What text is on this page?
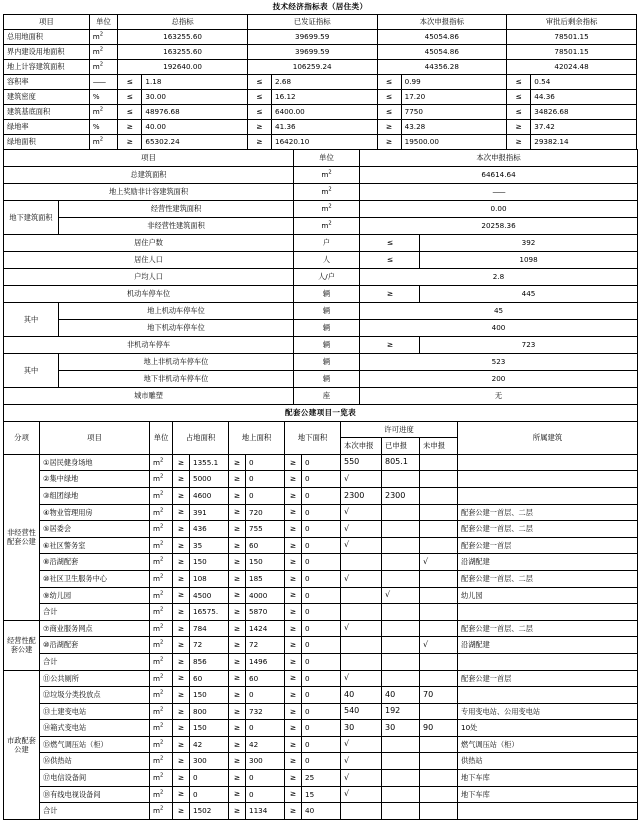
技术经济指标表（居住类）									
项目	单位	总指标		已发证指标		本次申报指标		审批后剩余指标	
总用地面积	$m^2$	163255.60		39699.59		45054.86		78501.15	
界内建设用地面积	$m^2$	163255.60		39699.59		45054.86		78501.15	
地上计容建筑面积	$m^2$	192640.00		106259.24		44356.28		42024.48	
容积率	——	≤	1.18	≤	2.68	≤	0.99	≤	0.54
建筑密度	%	≤	30.00	≤	16.12	≤	17.20	≤	44.36
建筑基底面积	$m^2$	≤	48976.68	≤	6400.00	≤	7750	≤	34826.68
绿地率	%	≥	40.00	≥	41.36	≥	43.28	≥	37.42
绿地面积	$m^2$	≥	65302.24	≥	16420.10	≥	19500.00	≥	29382.14
项目		单位	本次申报指标	
总建筑面积		$m^2$	64614.64	
地上奖励非计容建筑面积		$m^2$	——	
地下建筑面积	经营性建筑面积	$m^2$	0.00	
	非经营性建筑面积	$m^2$	20258.36	
居住户数		户	≤	392
居住人口		人	≤	1098
户均人口		人/户	2.8	
机动车停车位		辆	≥	445
其中	地上机动车停车位	辆	45	
	地下机动车停车位	辆	400	
非机动车停车		辆	≥	723
其中	地上非机动车停车位	辆	523	
	地下非机动车停车位	辆	200	
城市雕塑		座	无	
配套公建项目一览表												
分项	项目	单位	占地面积		地上面积		地下面积		许可进度			所属建筑
									本次申报	已申报	未申报	
非经营性配套公建	①居民健身场地	$m^2$	≥	1355.1	≥	0	≥	0	550	805.1		
	②集中绿地	$m^2$	≥	5000	≥	0	≥	0	√			
	③组团绿地	$m^2$	≥	4600	≥	0	≥	0	2300	2300		
	④物业管理用房	$m^2$	≥	391	≥	720	≥	0	√			配套公建一首层、二层
	⑤居委会	$m^2$	≥	436	≥	755	≥	0	√			配套公建一首层、二层
	⑥社区警务室	$m^2$	≥	35	≥	60	≥	0	√			配套公建一首层
	⑧沿湖配套	$m^2$	≥	150	≥	150	≥	0			√	沿湖配建
	⑩社区卫生服务中心	$m^2$	≥	108	≥	185	≥	0	√			配套公建一首层、二层
	⑨幼儿园	$m^2$	≥	4500	≥	4000	≥	0		√		幼儿园
	合计	$m^2$	≥	16575.	≥	5870	≥	0				
经营性配套公建	⑦商业服务网点	$m^2$	≥	784	≥	1424	≥	0	√			配套公建一首层、二层
	⑩沿湖配套	$m^2$	≥	72	≥	72	≥	0			√	沿湖配建
	合计	$m^2$	≥	856	≥	1496	≥	0				
市政配套公建	⑪公共厕所	$m^2$	≥	60	≥	60	≥	0	√			配套公建一首层
	⑫垃圾分类投放点	$m^2$	≥	150	≥	0	≥	0	40	40	70	
	⑬土建变电站	$m^2$	≥	800	≥	732	≥	0	540	192		专用变电站、公用变电站
	⑭箱式变电站	$m^2$	≥	150	≥	0	≥	0	30	30	90	10处
	⑮燃气调压站（柜）	$m^2$	≥	42	≥	42	≥	0	√			燃气调压站（柜）
	⑯供热站	$m^2$	≥	300	≥	300	≥	0	√			供热站
	⑰电信设备间	$m^2$	≥	0	≥	0	≥	25	√			地下车库
	⑱有线电视设备间	$m^2$	≥	0	≥	0	≥	15	√			地下车库
	合计	$m^2$	≥	1502	≥	1134	≥	40				
